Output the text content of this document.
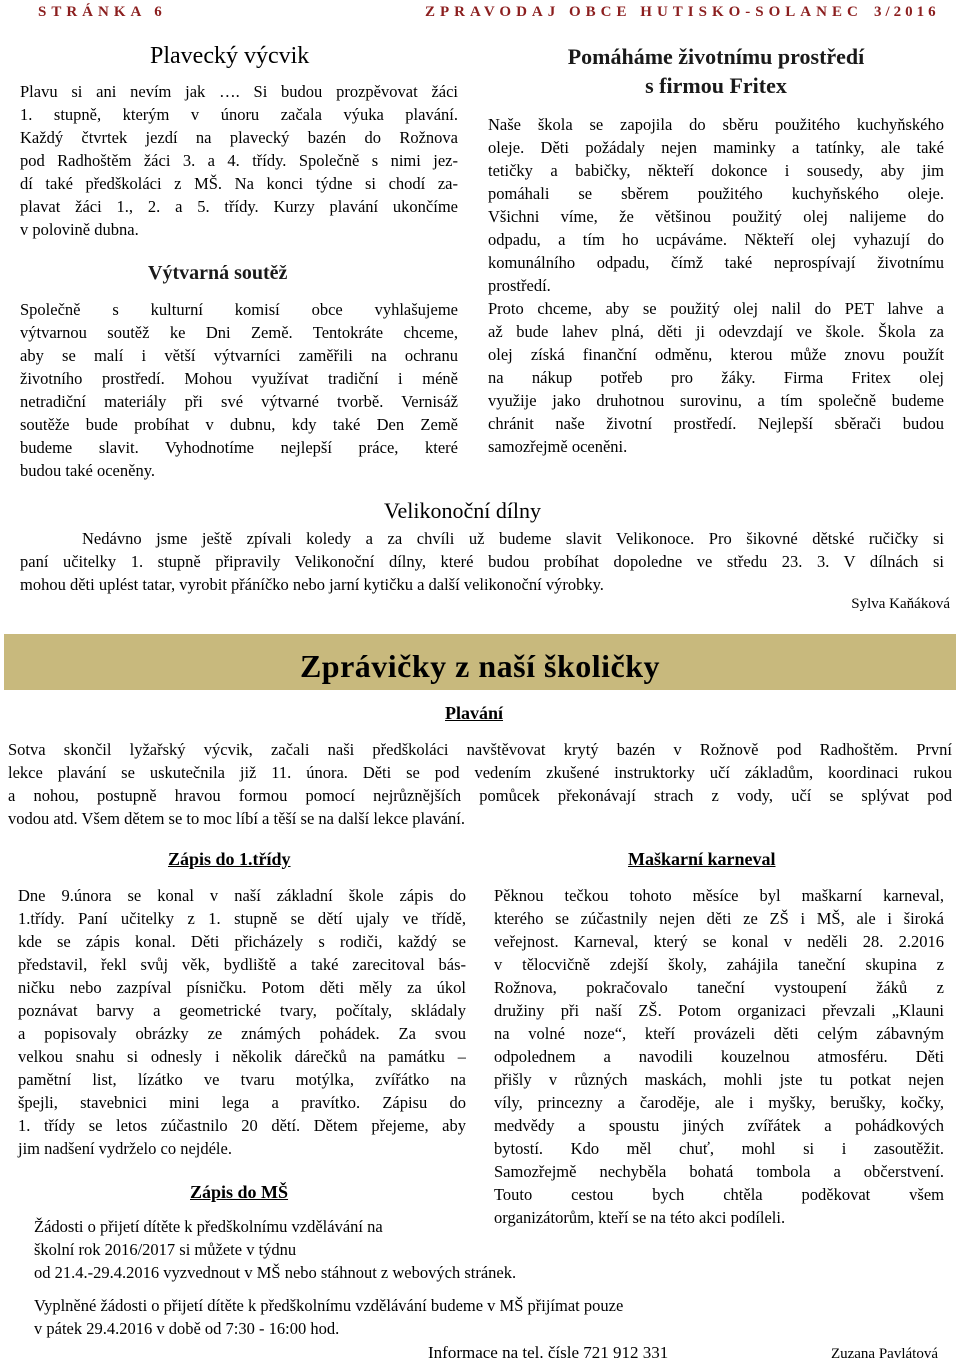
STRÁNKA 6	ZPRAVODAJ OBCE HUTISKO-SOLANEC 3/2016
Plavecký výcvik
Plavu si ani nevím jak …. Si budou prozpěvovat žáci
1. stupně, kterým v únoru začala výuka plavání.
Každý čtvrtek jezdí na plavecký bazén do Rožnova
pod Radhoštěm žáci 3. a 4. třídy. Společně s nimi jez-
dí také předškoláci z MŠ. Na konci týdne si chodí za-
plavat žáci 1., 2. a 5. třídy. Kurzy plavání ukončíme
v polovině dubna.
Výtvarná soutěž
Společně s kulturní komisí obce vyhlašujeme
výtvarnou soutěž ke Dni Země. Tentokráte chceme,
aby se malí i větší výtvarníci zaměřili na ochranu
životního prostředí. Mohou využívat tradiční i méně
netradiční materiály při své výtvarné tvorbě. Vernisáž
soutěže bude probíhat v dubnu, kdy také Den Země
budeme slavit. Vyhodnotíme nejlepší práce, které
budou také oceněny.
Pomáháme životnímu prostředí
s firmou Fritex
Naše škola se zapojila do sběru použitého kuchyňského
oleje. Děti požádaly nejen maminky a tatínky, ale také
tetičky a babičky, někteří dokonce i sousedy, aby jim
pomáhali se sběrem použitého kuchyňského oleje.
Všichni víme, že většinou použitý olej nalijeme do
odpadu, a tím ho ucpáváme. Někteří olej vyhazují do
komunálního odpadu, čímž také neprospívají životnímu
prostředí.
Proto chceme, aby se použitý olej nalil do PET lahve a
až bude lahev plná, děti ji odevzdají ve škole. Škola za
olej získá finanční odměnu, kterou může znovu použít
na nákup potřeb pro žáky. Firma Fritex olej
využije jako druhotnou surovinu, a tím společně budeme
chránit naše životní prostředí. Nejlepší sběrači budou
samozřejmě oceněni.
Velikonoční dílny
Nedávno jsme ještě zpívali koledy a za chvíli už budeme slavit Velikonoce. Pro šikovné dětské ručičky si
paní učitelky 1. stupně připravily Velikonoční dílny, které budou probíhat dopoledne ve středu 23. 3. V dílnách si
mohou děti uplést tatar, vyrobit přáníčko nebo jarní kytičku a další velikonoční výrobky.
Sylva Kaňáková
Zprávičky z naší školičky
Plavání
Sotva skončil lyžařský výcvik, začali naši předškoláci navštěvovat krytý bazén v Rožnově pod Radhoštěm. První
lekce plavání se uskutečnila již 11. února. Děti se pod vedením zkušené instruktorky učí základům, koordinaci rukou
a nohou, postupně hravou formou pomocí nejrůznějších pomůcek překonávají strach z vody, učí se splývat pod
vodou atd. Všem dětem se to moc líbí a těší se na další lekce plavání.
Zápis do 1.třídy
Dne 9.února se konal v naší základní škole zápis do
1.třídy. Paní učitelky z 1. stupně se dětí ujaly ve třídě,
kde se zápis konal. Děti přicházely s rodiči, každý se
představil, řekl svůj věk, bydliště a také zarecitoval bás-
ničku nebo zazpíval písničku. Potom děti měly za úkol
poznávat barvy a geometrické tvary, počítaly, skládaly
a popisovaly obrázky ze známých pohádek. Za svou
velkou snahu si odnesly i několik dárečků na památku –
pamětní list, lízátko ve tvaru motýlka, zvířátko na
špejli, stavebnici mini lega a pravítko. Zápisu do
1. třídy se letos zúčastnilo 20 dětí. Dětem přejeme, aby
jim nadšení vydrželo co nejdéle.
Maškarní karneval
Pěknou tečkou tohoto měsíce byl maškarní karneval,
kterého se zúčastnily nejen děti ze ZŠ i MŠ, ale i široká
veřejnost. Karneval, který se konal v neděli 28. 2.2016
v tělocvičně zdejší školy, zahájila taneční skupina z
Rožnova, pokračovalo taneční vystoupení žáků z
družiny při naší ZŠ. Potom organizaci převzali „Klauni
na volné noze“, kteří provázeli děti celým zábavným
odpolednem a navodili kouzelnou atmosféru. Děti
přišly v různých maskách, mohli jste tu potkat nejen
víly, princezny a čaroděje, ale i myšky, berušky, kočky,
medvědy a spoustu jiných zvířátek a pohádkových
bytostí. Kdo měl chuť, mohl si i zasoutěžit.
Samozřejmě nechyběla bohatá tombola a občerstvení.
Touto cestou bych chtěla poděkovat všem
organizátorům, kteří se na této akci podíleli.
Zápis do MŠ
Žádosti o přijetí dítěte k předškolnímu vzdělávání na
školní rok 2016/2017 si můžete v týdnu
od 21.4.-29.4.2016 vyzvednout v MŠ nebo stáhnout z webových stránek.
Vyplněné žádosti o přijetí dítěte k předškolnímu vzdělávání budeme v MŠ přijímat pouze
v pátek 29.4.2016 v době od 7:30 - 16:00 hod.
Informace na tel. čísle 721 912 331	Zuzana Pavlátová
